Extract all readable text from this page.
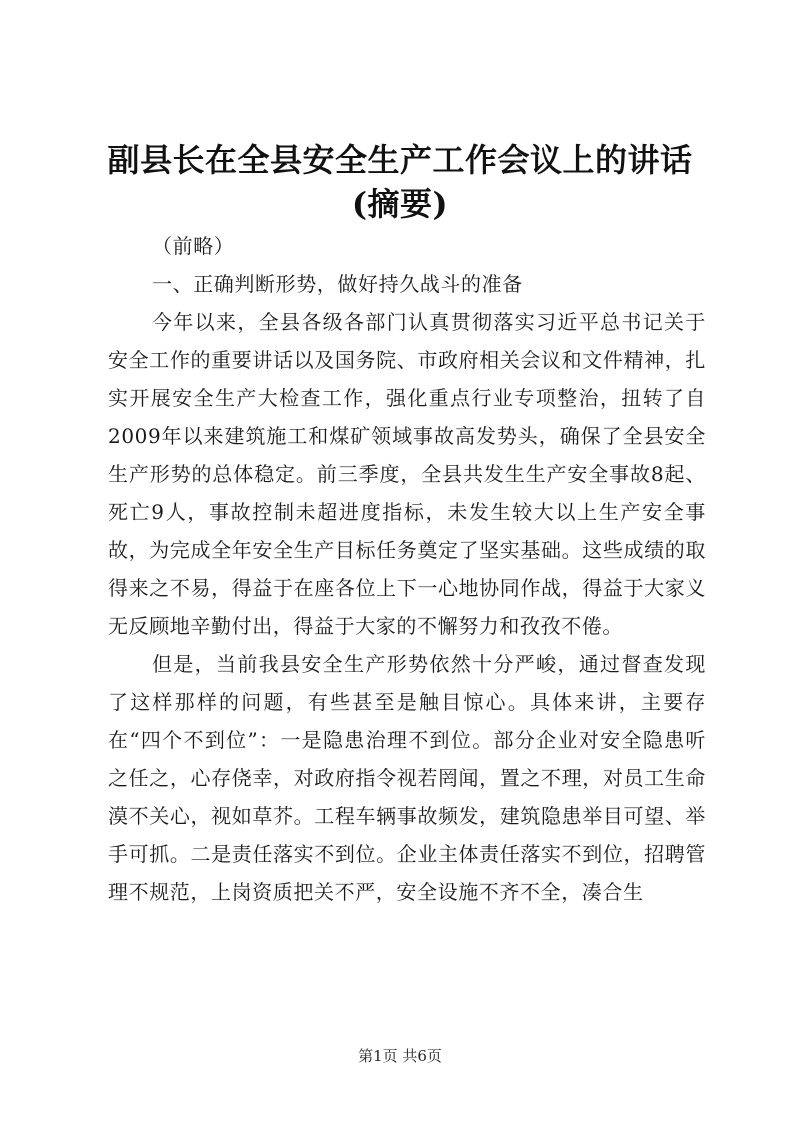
副县长在全县安全生产工作会议上的讲话(摘要)

（前略）

一、正确判断形势，做好持久战斗的准备

今年以来，全县各级各部门认真贯彻落实习近平总书记关于安全工作的重要讲话以及国务院、市政府相关会议和文件精神，扎实开展安全生产大检查工作，强化重点行业专项整治，扭转了自2009年以来建筑施工和煤矿领域事故高发势头，确保了全县安全生产形势的总体稳定。前三季度，全县共发生生产安全事故8起、死亡9人，事故控制未超进度指标，未发生较大以上生产安全事故，为完成全年安全生产目标任务奠定了坚实基础。这些成绩的取得来之不易，得益于在座各位上下一心地协同作战，得益于大家义无反顾地辛勤付出，得益于大家的不懈努力和孜孜不倦。

但是，当前我县安全生产形势依然十分严峻，通过督查发现了这样那样的问题，有些甚至是触目惊心。具体来讲，主要存在“四个不到位”：一是隐患治理不到位。部分企业对安全隐患听之任之，心存侥幸，对政府指令视若罔闻，置之不理，对员工生命漠不关心，视如草芥。工程车辆事故频发，建筑隐患举目可望、举手可抓。二是责任落实不到位。企业主体责任落实不到位，招聘管理不规范，上岗资质把关不严，安全设施不齐不全，凑合生

第1页 共6页
